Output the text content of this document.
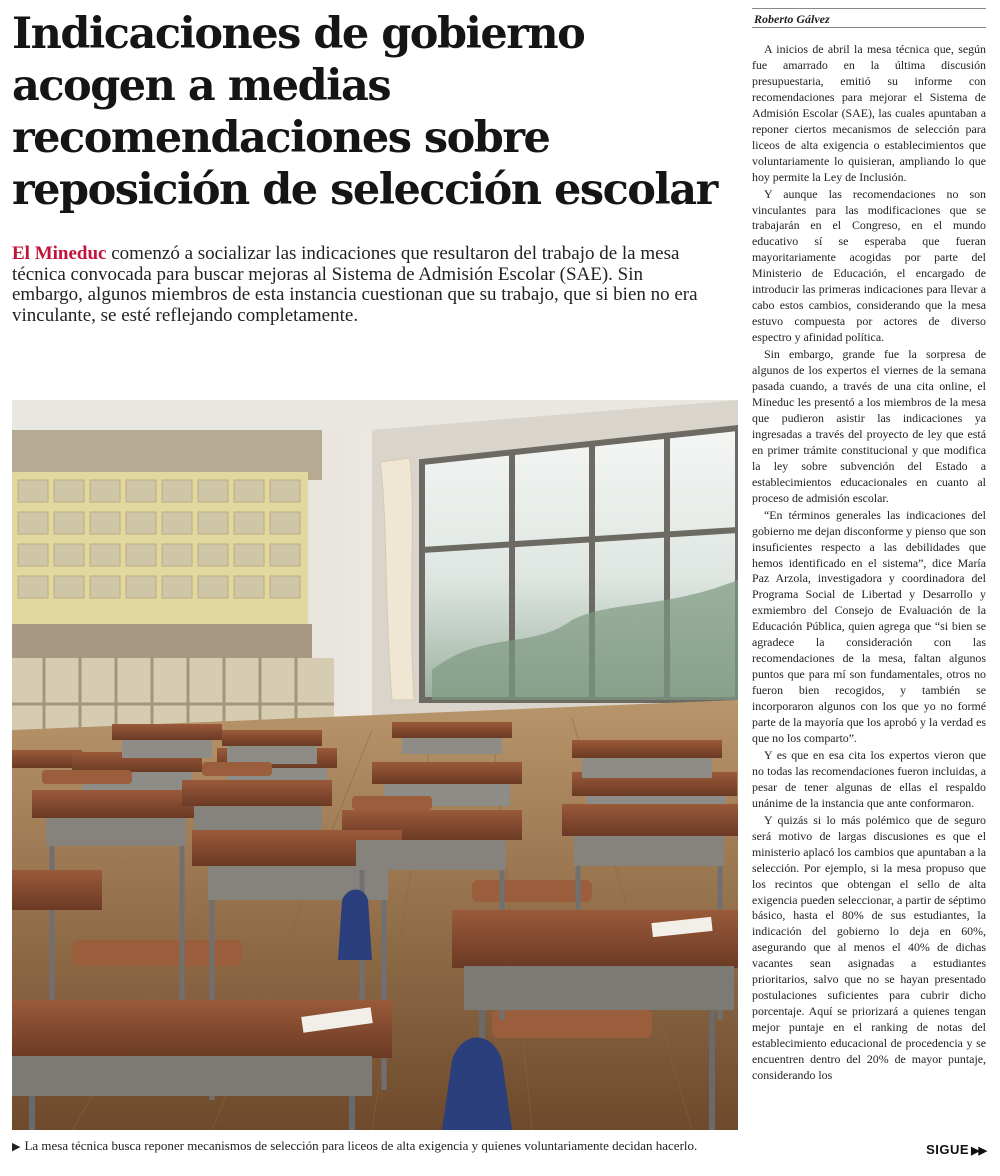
Indicaciones de gobierno
acogen a medias
recomendaciones sobre
reposición de selección escolar

El Mineduc comenzó a socializar las indicaciones que resultaron del trabajo de la mesa técnica convocada para buscar mejoras al Sistema de Admisión Escolar (SAE). Sin embargo, algunos miembros de esta instancia cuestionan que su trabajo, que si bien no era vinculante, se esté reflejando completamente.

▶ La mesa técnica busca reponer mecanismos de selección para liceos de alta exigencia y quienes voluntariamente decidan hacerlo.
Roberto Gálvez

A inicios de abril la mesa técnica que, según fue amarrado en la última discusión presupuestaria, emitió su informe con recomendaciones para mejorar el Sistema de Admisión Escolar (SAE), las cuales apuntaban a reponer ciertos mecanismos de selección para liceos de alta exigencia o establecimientos que voluntariamente lo quisieran, ampliando lo que hoy permite la Ley de Inclusión.

Y aunque las recomendaciones no son vinculantes para las modificaciones que se trabajarán en el Congreso, en el mundo educativo sí se esperaba que fueran mayoritariamente acogidas por parte del Ministerio de Educación, el encargado de introducir las primeras indicaciones para llevar a cabo estos cambios, considerando que la mesa estuvo compuesta por actores de diverso espectro y afinidad política.

Sin embargo, grande fue la sorpresa de algunos de los expertos el viernes de la semana pasada cuando, a través de una cita online, el Mineduc les presentó a los miembros de la mesa que pudieron asistir las indicaciones ya ingresadas a través del proyecto de ley que está en primer trámite constitucional y que modifica la ley sobre subvención del Estado a establecimientos educacionales en cuanto al proceso de admisión escolar.

“En términos generales las indicaciones del gobierno me dejan disconforme y pienso que son insuficientes respecto a las debilidades que hemos identificado en el sistema”, dice María Paz Arzola, investigadora y coordinadora del Programa Social de Libertad y Desarrollo y exmiembro del Consejo de Evaluación de la Educación Pública, quien agrega que “si bien se agradece la consideración con las recomendaciones de la mesa, faltan algunos puntos que para mí son fundamentales, otros no fueron bien recogidos, y también se incorporaron algunos con los que yo no formé parte de la mayoría que los aprobó y la verdad es que no los comparto”.

Y es que en esa cita los expertos vieron que no todas las recomendaciones fueron incluidas, a pesar de tener algunas de ellas el respaldo unánime de la instancia que ante conformaron.

Y quizás si lo más polémico que de seguro será motivo de largas discusiones es que el ministerio aplacó los cambios que apuntaban a la selección. Por ejemplo, si la mesa propuso que los recintos que obtengan el sello de alta exigencia pueden seleccionar, a partir de séptimo básico, hasta el 80% de sus estudiantes, la indicación del gobierno lo deja en 60%, asegurando que al menos el 40% de dichas vacantes sean asignadas a estudiantes prioritarios, salvo que no se hayan presentado postulaciones suficientes para cubrir dicho porcentaje. Aquí se priorizará a quienes tengan mejor puntaje en el ranking de notas del establecimiento educacional de procedencia y se encuentren dentro del 20% de mayor puntaje, considerando los

SIGUE ▶▶
